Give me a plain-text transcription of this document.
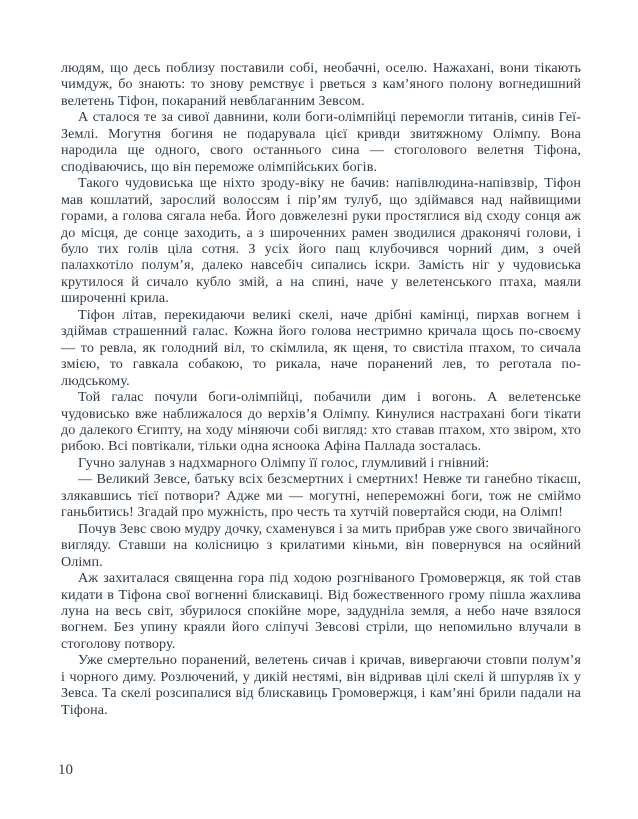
людям, що десь поблизу поставили собі, необачні, оселю. Нажахані, вони тікають чимдуж, бо знають: то знову ремствує і рветься з кам’яного полону вогнедишний велетень Тіфон, покараний невблаганним Зевсом.

А сталося те за сивої давнини, коли боги-олімпійці перемогли титанів, синів Геї-Землі. Могутня богиня не подарувала цієї кривди звитяжному Олімпу. Вона народила ще одного, свого останнього сина — стоголового велетня Тіфона, сподіваючись, що він переможе олімпійських богів.

Такого чудовиська ще ніхто зроду-віку не бачив: напівлюдина-напівзвір, Тіфон мав кошлатий, зарослий волоссям і пір’ям тулуб, що здіймався над найвищими горами, а голова сягала неба. Його довжелезні руки простяглися від сходу сонця аж до місця, де сонце заходить, а з широченних рамен зводилися драконячі голови, і було тих голів ціла сотня. З усіх його пащ клубочився чорний дим, з очей палахкотіло полум’я, далеко навсебіч сипались іскри. Замість ніг у чудовиська крутилося й сичало кубло змій, а на спині, наче у велетенського птаха, маяли широченні крила.

Тіфон літав, перекидаючи великі скелі, наче дрібні камінці, пирхав вогнем і здіймав страшенний галас. Кожна його голова нестримно кричала щось по-своєму — то ревла, як голодний віл, то скімлила, як щеня, то свистіла птахом, то сичала змією, то гавкала собакою, то рикала, наче поранений лев, то реготала по-людському.

Той галас почули боги-олімпійці, побачили дим і вогонь. А велетенське чудовисько вже наближалося до верхів’я Олімпу. Кинулися настрахані боги тікати до далекого Єгипту, на ходу міняючи собі вигляд: хто ставав птахом, хто звіром, хто рибою. Всі повтікали, тільки одна ясноока Афіна Паллада зосталась.

Гучно залунав з надхмарного Олімпу її голос, глумливий і гнівний:

— Великий Зевсе, батьку всіх безсмертних і смертних! Невже ти ганебно тікаєш, злякавшись тієї потвори? Адже ми — могутні, непереможні боги, тож не сміймо ганьбитись! Згадай про мужність, про честь та хутчій повертайся сюди, на Олімп!

Почув Зевс свою мудру дочку, схаменувся і за мить прибрав уже свого звичайного вигляду. Ставши на колісницю з крилатими кіньми, він повернувся на осяйний Олімп.

Аж захиталася священна гора під ходою розгніваного Громовержця, як той став кидати в Тіфона свої вогненні блискавиці. Від божественного грому пішла жахлива луна на весь світ, збурилося спокійне море, задудніла земля, а небо наче взялося вогнем. Без упину краяли його сліпучі Зевсові стріли, що непомильно влучали в стоголову потвору.

Уже смертельно поранений, велетень сичав і кричав, вивергаючи стовпи полум’я і чорного диму. Розлючений, у дикій нестямі, він відривав цілі скелі й шпурляв їх у Зевса. Та скелі розсипалися від блискавиць Громовержця, і кам’яні брили падали на Тіфона.

10
